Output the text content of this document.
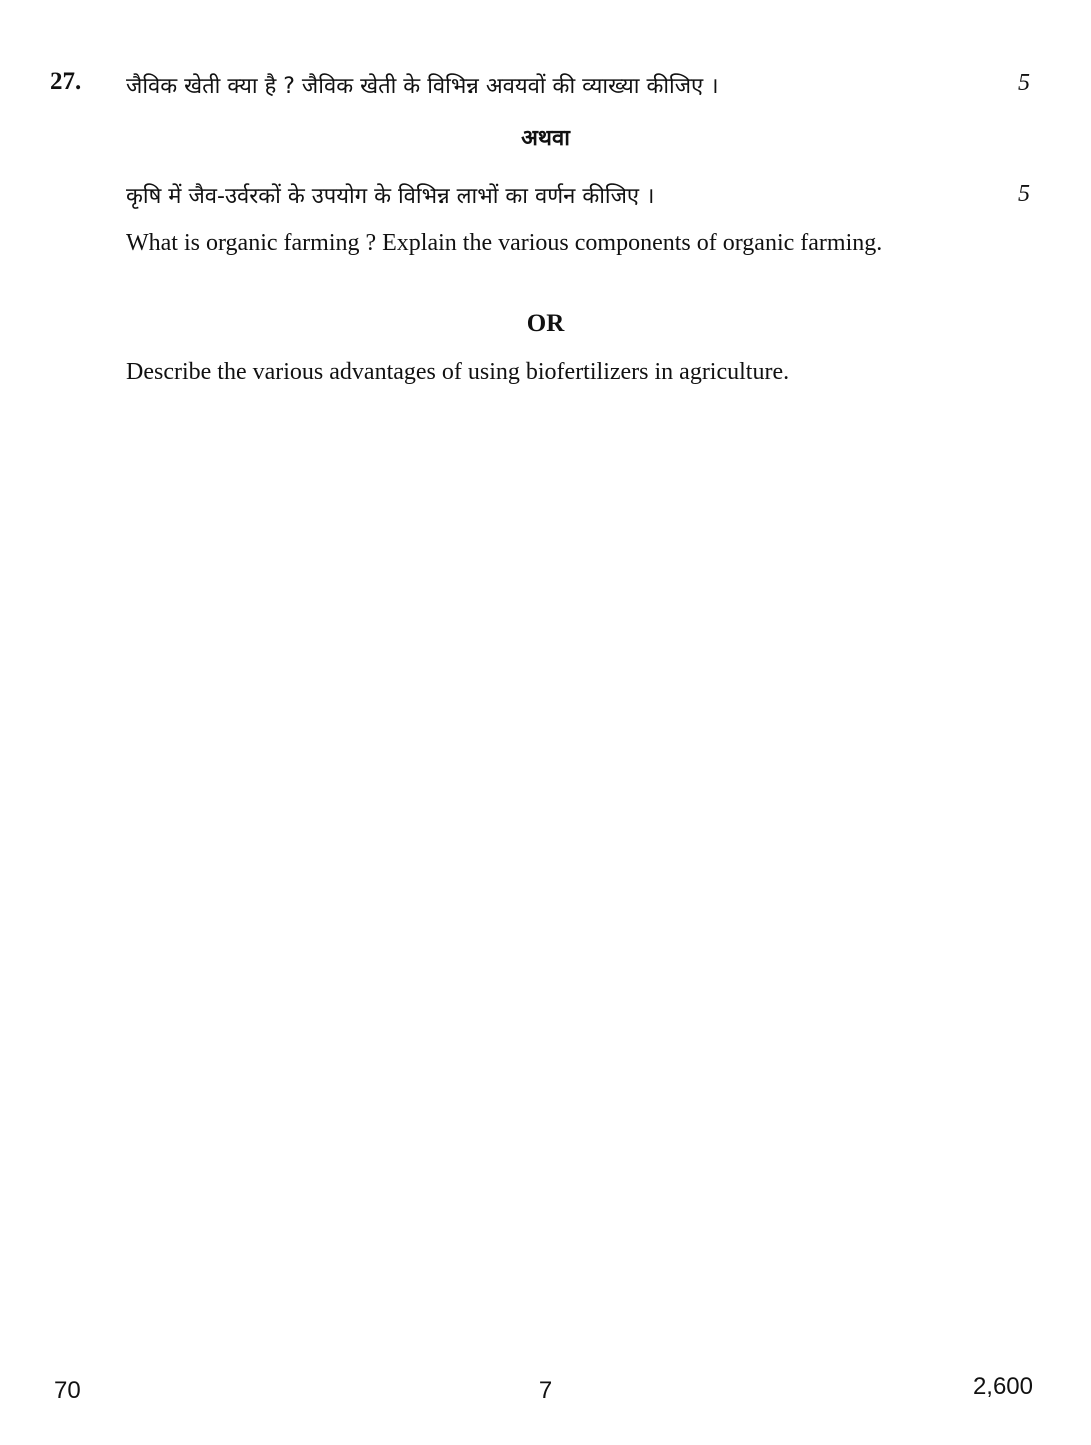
27. जैविक खेती क्या है ? जैविक खेती के विभिन्न अवयवों की व्याख्या कीजिए ।	5
अथवा
कृषि में जैव-उर्वरकों के उपयोग के विभिन्न लाभों का वर्णन कीजिए ।	5
What is organic farming ? Explain the various components of organic farming.
OR
Describe the various advantages of using biofertilizers in agriculture.
70	7	2,600
